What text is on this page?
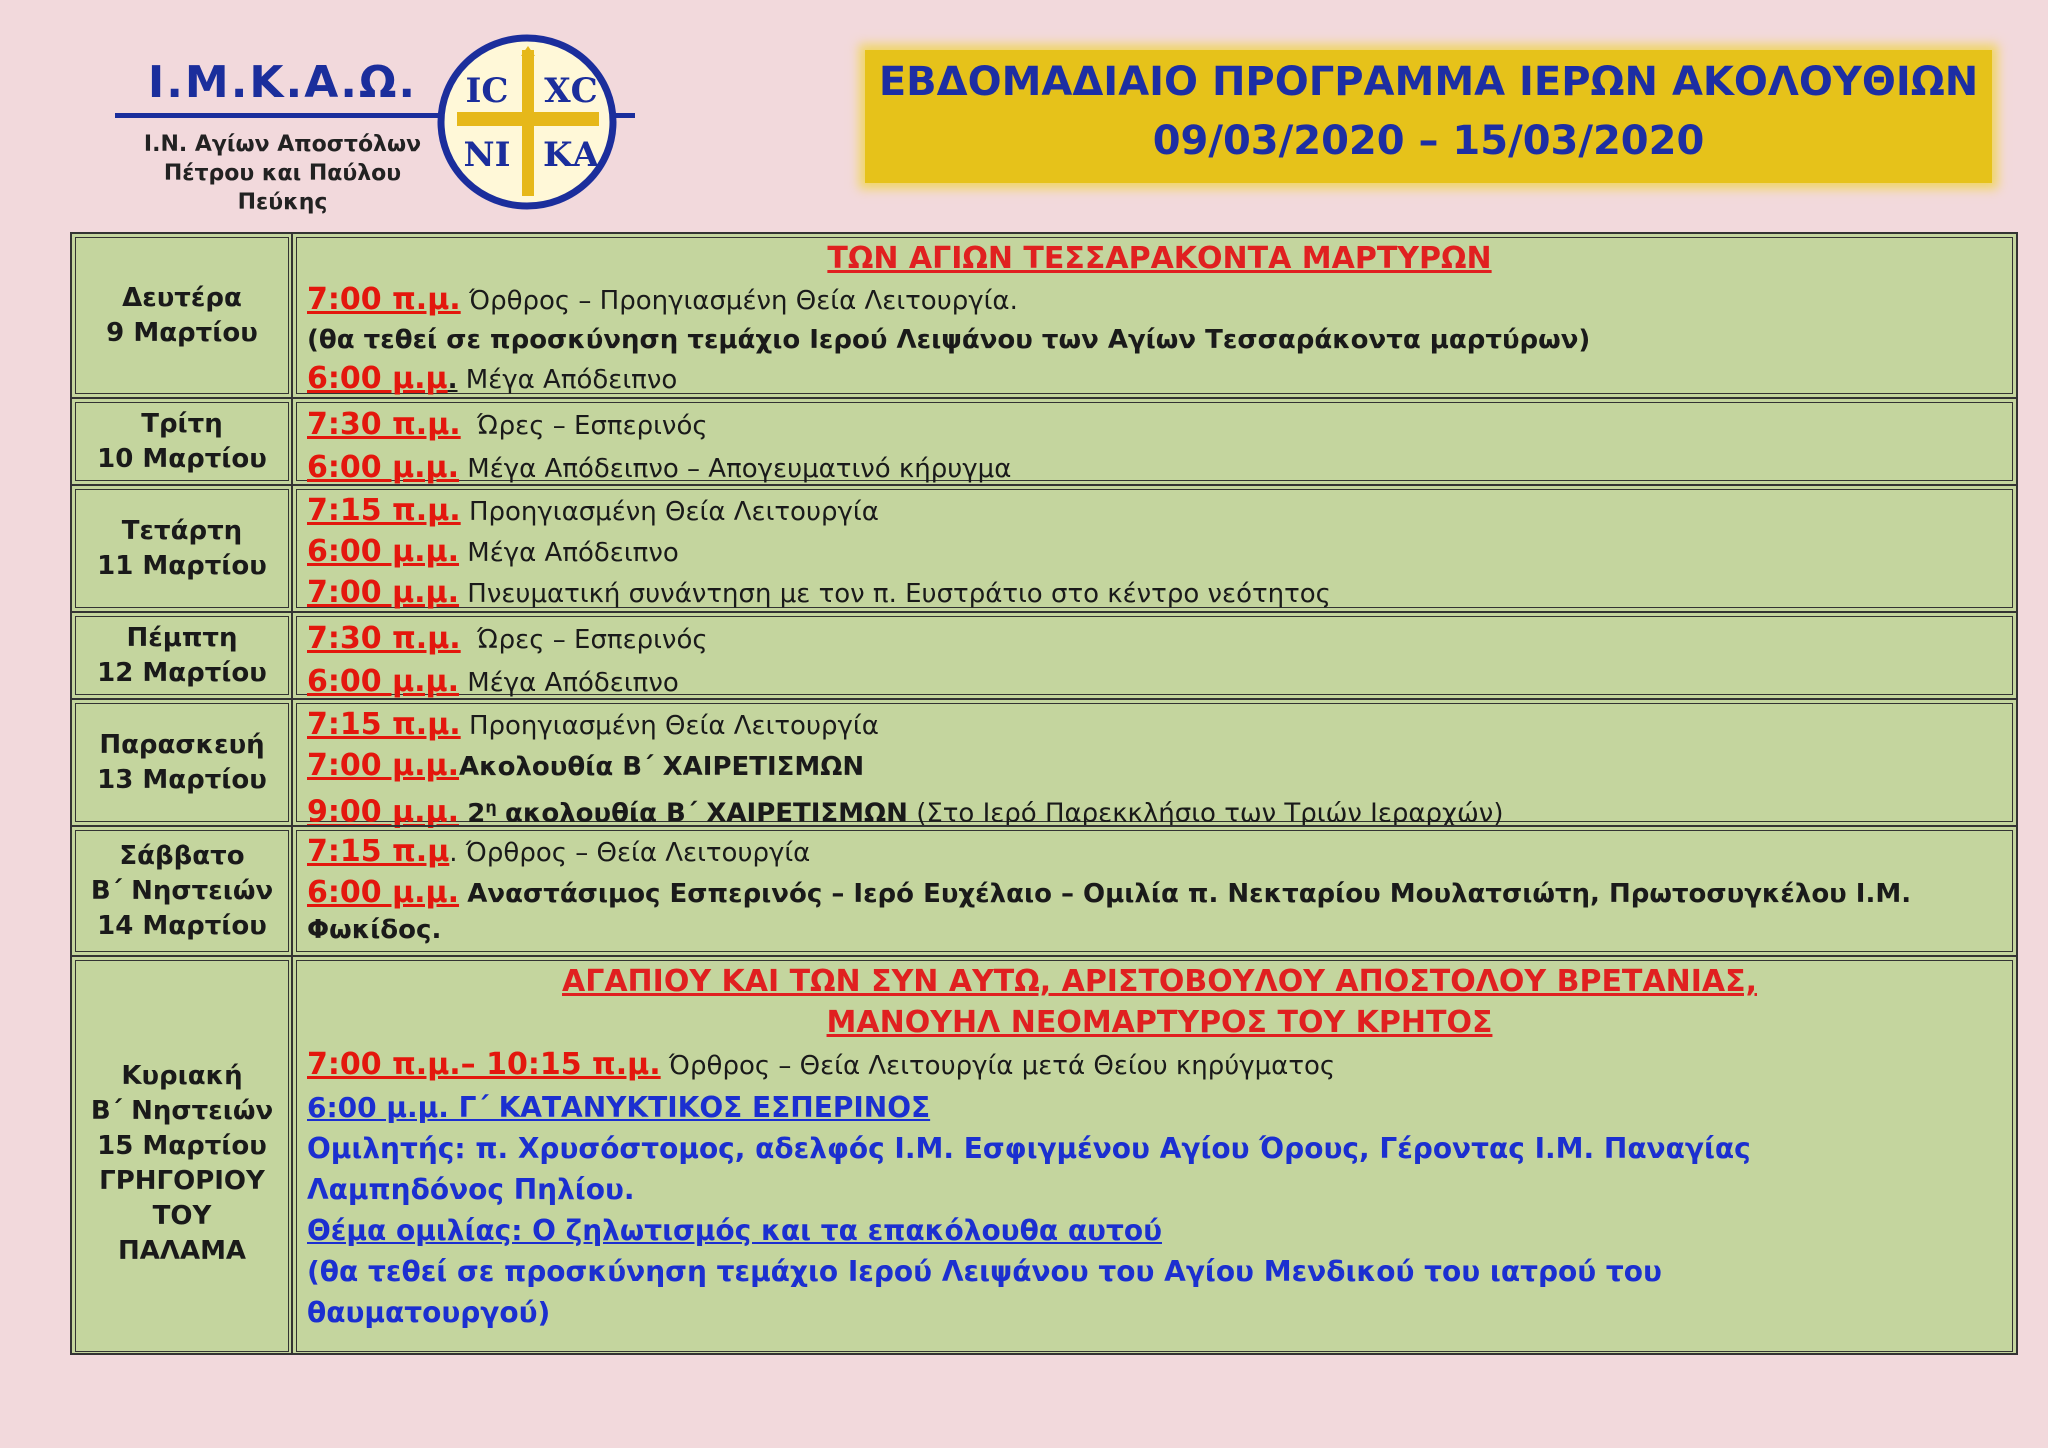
Ι.Μ.Κ.Α.Ω.
Ι.Ν. Αγίων Αποστόλων
Πέτρου και Παύλου
Πεύκης
ΙϹ ΧϹ
ΝΙ ΚΑ
ΕΒΔΟΜΑΔΙΑΙΟ ΠΡΟΓΡΑΜΜΑ ΙΕΡΩΝ ΑΚΟΛΟΥΘΙΩΝ
09/03/2020 – 15/03/2020
Δευτέρα
9 Μαρτίου
ΤΩΝ ΑΓΙΩΝ ΤΕΣΣΑΡΑΚΟΝΤΑ ΜΑΡΤΥΡΩΝ
7:00 π.μ. Όρθρος – Προηγιασμένη Θεία Λειτουργία.
(θα τεθεί σε προσκύνηση τεμάχιο Ιερού Λειψάνου των Αγίων Τεσσαράκοντα μαρτύρων)
6:00 μ.μ. Μέγα Απόδειπνο
Τρίτη
10 Μαρτίου
7:30 π.μ. Ώρες – Εσπερινός
6:00 μ.μ. Μέγα Απόδειπνο – Απογευματινό κήρυγμα
Τετάρτη
11 Μαρτίου
7:15 π.μ. Προηγιασμένη Θεία Λειτουργία
6:00 μ.μ. Μέγα Απόδειπνο
7:00 μ.μ. Πνευματική συνάντηση με τον π. Ευστράτιο στο κέντρο νεότητος
Πέμπτη
12 Μαρτίου
7:30 π.μ. Ώρες – Εσπερινός
6:00 μ.μ. Μέγα Απόδειπνο
Παρασκευή
13 Μαρτίου
7:15 π.μ. Προηγιασμένη Θεία Λειτουργία
7:00 μ.μ.Ακολουθία Β΄ ΧΑΙΡΕΤΙΣΜΩΝ
9:00 μ.μ. $2^\eta$ ακολουθία Β΄ ΧΑΙΡΕΤΙΣΜΩΝ (Στο Ιερό Παρεκκλήσιο των Τριών Ιεραρχών)
Σάββατο
Β΄ Νηστειών
14 Μαρτίου
7:15 π.μ. Όρθρος – Θεία Λειτουργία
6:00 μ.μ. Αναστάσιμος Εσπερινός – Ιερό Ευχέλαιο – Ομιλία π. Νεκταρίου Μουλατσιώτη, Πρωτοσυγκέλου Ι.Μ.
Φωκίδος.
Κυριακή
Β΄ Νηστειών
15 Μαρτίου
ΓΡΗΓΟΡΙΟΥ
ΤΟΥ
ΠΑΛΑΜΑ
ΑΓΑΠΙΟΥ ΚΑΙ ΤΩΝ ΣΥΝ ΑΥΤΩ, ΑΡΙΣΤΟΒΟΥΛΟΥ ΑΠΟΣΤΟΛΟΥ ΒΡΕΤΑΝΙΑΣ,
ΜΑΝΟΥΗΛ ΝΕΟΜΑΡΤΥΡΟΣ ΤΟΥ ΚΡΗΤΟΣ
7:00 π.μ.– 10:15 π.μ. Όρθρος – Θεία Λειτουργία μετά Θείου κηρύγματος
6:00 μ.μ. Γ΄ ΚΑΤΑΝΥΚΤΙΚΟΣ ΕΣΠΕΡΙΝΟΣ
Ομιλητής: π. Χρυσόστομος, αδελφός Ι.Μ. Εσφιγμένου Αγίου Όρους, Γέροντας Ι.Μ. Παναγίας
Λαμπηδόνος Πηλίου.
Θέμα ομιλίας: Ο ζηλωτισμός και τα επακόλουθα αυτού
(θα τεθεί σε προσκύνηση τεμάχιο Ιερού Λειψάνου του Αγίου Μενδικού του ιατρού του
θαυματουργού)
